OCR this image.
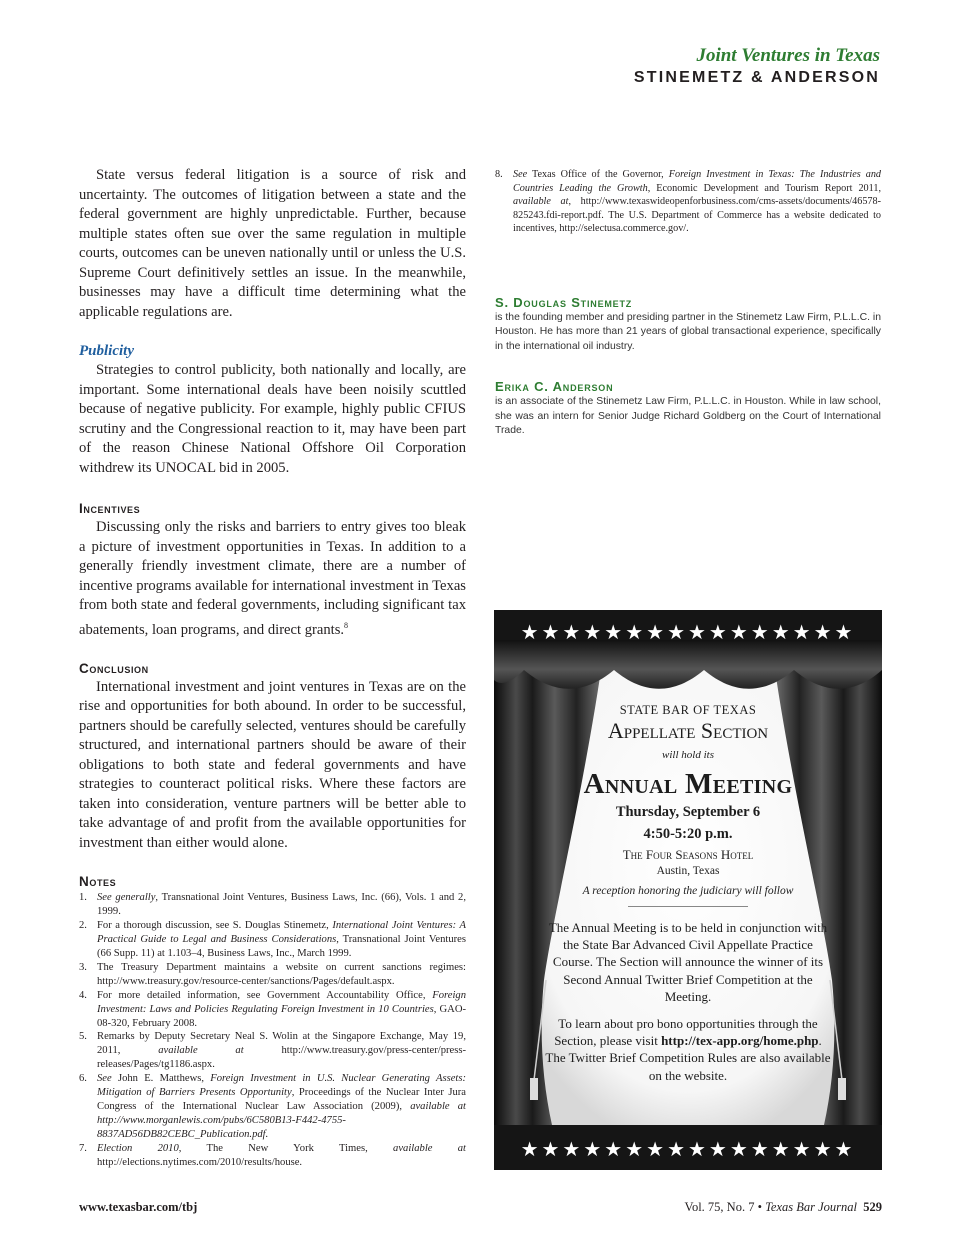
Joint Ventures in Texas
STINEMETZ & ANDERSON

State versus federal litigation is a source of risk and uncertainty. The outcomes of litigation between a state and the federal government are highly unpredictable. Further, because multiple states often sue over the same regulation in multiple courts, outcomes can be uneven nationally until or unless the U.S. Supreme Court definitively settles an issue. In the meanwhile, businesses may have a difficult time determining what the applicable regulations are.

Publicity

Strategies to control publicity, both nationally and locally, are important. Some international deals have been noisily scuttled because of negative publicity. For example, highly public CFIUS scrutiny and the Congressional reaction to it, may have been part of the reason Chinese National Offshore Oil Corporation withdrew its UNOCAL bid in 2005.

Incentives

Discussing only the risks and barriers to entry gives too bleak a picture of investment opportunities in Texas. In addition to a generally friendly investment climate, there are a number of incentive programs available for international investment in Texas from both state and federal governments, including significant tax abatements, loan programs, and direct grants.$^8$

Conclusion

International investment and joint ventures in Texas are on the rise and opportunities for both abound. In order to be successful, partners should be carefully selected, ventures should be carefully structured, and international partners should be aware of their obligations to both state and federal governments and have strategies to counteract political risks. Where these factors are taken into consideration, venture partners will be better able to take advantage of and profit from the available opportunities for investment than either would alone.

Notes

1. See generally, Transnational Joint Ventures, Business Laws, Inc. (66), Vols. 1 and 2, 1999.
2. For a thorough discussion, see S. Douglas Stinemetz, International Joint Ventures: A Practical Guide to Legal and Business Considerations, Transnational Joint Ventures (66 Supp. 11) at 1.103–4, Business Laws, Inc., March 1999.
3. The Treasury Department maintains a website on current sanctions regimes: http://www.treasury.gov/resource-center/sanctions/Pages/default.aspx.
4. For more detailed information, see Government Accountability Office, Foreign Investment: Laws and Policies Regulating Foreign Investment in 10 Countries, GAO-08-320, February 2008.
5. Remarks by Deputy Secretary Neal S. Wolin at the Singapore Exchange, May 19, 2011, available at http://www.treasury.gov/press-center/press-releases/Pages/tg1186.aspx.
6. See John E. Matthews, Foreign Investment in U.S. Nuclear Generating Assets: Mitigation of Barriers Presents Opportunity, Proceedings of the Nuclear Inter Jura Congress of the International Nuclear Law Association (2009), available at http://www.morganlewis.com/pubs/6C580B13-F442-4755-8837AD56DB82CEBC_Publication.pdf.
7. Election 2010, The New York Times, available at http://elections.nytimes.com/2010/results/house.
8. See Texas Office of the Governor, Foreign Investment in Texas: The Industries and Countries Leading the Growth, Economic Development and Tourism Report 2011, available at, http://www.texaswideopenforbusiness.com/cms-assets/documents/46578-825243.fdi-report.pdf. The U.S. Department of Commerce has a website dedicated to incentives, http://selectusa.commerce.gov/.

S. Douglas Stinemetz

is the founding member and presiding partner in the Stinemetz Law Firm, P.L.L.C. in Houston. He has more than 21 years of global transactional experience, specifically in the international oil industry.

Erika C. Anderson

is an associate of the Stinemetz Law Firm, P.L.L.C. in Houston. While in law school, she was an intern for Senior Judge Richard Goldberg on the Court of International Trade.

★★★★★★★★★★★★★★★★
★★★★★★★★★★★★★★★★
STATE BAR OF TEXAS
Appellate Section
will hold its
Annual Meeting
Thursday, September 6
4:50-5:20 p.m.
The Four Seasons Hotel
Austin, Texas
A reception honoring the judiciary will follow

The Annual Meeting is to be held in conjunction with the State Bar Advanced Civil Appellate Practice Course. The Section will announce the winner of its Second Annual Twitter Brief Competition at the Meeting.

To learn about pro bono opportunities through the Section, please visit http://tex-app.org/home.php. The Twitter Brief Competition Rules are also available on the website.

www.texasbar.com/tbj	Vol. 75, No. 7 • Texas Bar Journal 529
